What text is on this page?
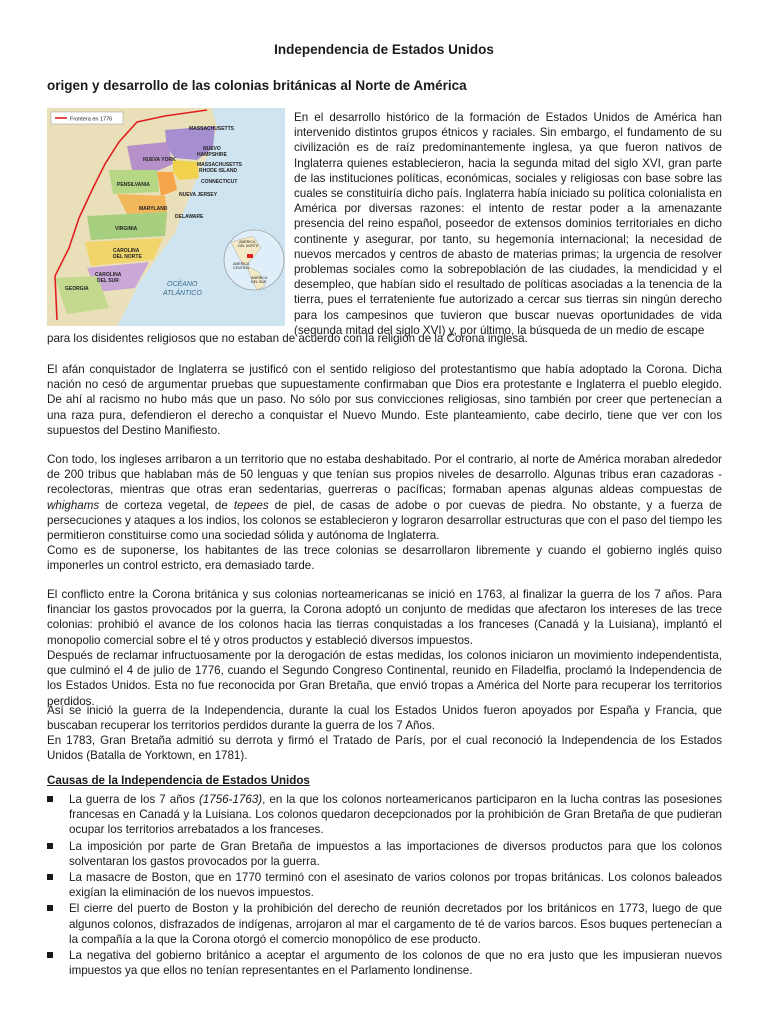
Independencia de Estados Unidos
origen y desarrollo de las colonias británicas al Norte de América
Frontera en 1776
MASSACHUSETTS
NUEVO
HAMPSHIRE
MASSACHUSETTS
RHODE ISLAND
NUEVA YORK
CONNECTICUT
NUEVA JERSEY
PENSILVANIA
DELAWARE
MARYLAND
VIRGINIA
CAROLINA
DEL NORTE
CAROLINA
DEL SUR
GEORGIA
OCÉANO
ATLÁNTICO
AMÉRICA
DEL NORTE
AMÉRICA
CENTRAL
AMÉRICA
DEL SUR

En el desarrollo histórico de la formación de Estados Unidos de América han intervenido distintos grupos étnicos y raciales. Sin embargo, el fundamento de su civilización es de raíz predominantemente inglesa, ya que fueron nativos de Inglaterra quienes establecieron, hacia la segunda mitad del siglo XVI, gran parte de las instituciones políticas, económicas, sociales y religiosas con base sobre las cuales se constituiría dicho país. Inglaterra había iniciado su política colonialista en América por diversas razones: el intento de restar poder a la amenazante presencia del reino español, poseedor de extensos dominios territoriales en dicho continente y asegurar, por tanto, su hegemonía internacional; la necesidad de nuevos mercados y centros de abasto de materias primas; la urgencia de resolver problemas sociales como la sobrepoblación de las ciudades, la mendicidad y el desempleo, que habían sido el resultado de políticas asociadas a la tenencia de la tierra, pues el terrateniente fue autorizado a cercar sus tierras sin ningún derecho para los campesinos que tuvieron que buscar nuevas oportunidades de vida (segunda mitad del siglo XVI) y, por último, la búsqueda de un medio de escape

para los disidentes religiosos que no estaban de acuerdo con la religión de la Corona inglesa.

El afán conquistador de Inglaterra se justificó con el sentido religioso del protestantismo que había adoptado la Corona. Dicha nación no cesó de argumentar pruebas que supuestamente confirmaban que Dios era protestante e Inglaterra el pueblo elegido. De ahí al racismo no hubo más que un paso. No sólo por sus convicciones religiosas, sino también por creer que pertenecían a una raza pura, defendieron el derecho a conquistar el Nuevo Mundo. Este planteamiento, cabe decirlo, tiene que ver con los supuestos del Destino Manifiesto.

Con todo, los ingleses arribaron a un territorio que no estaba deshabitado. Por el contrario, al norte de América moraban alrededor de 200 tribus que hablaban más de 50 lenguas y que tenían sus propios niveles de desarrollo. Algunas tribus eran cazadoras - recolectoras, mientras que otras eran sedentarias, guerreras o pacíficas; formaban apenas algunas aldeas compuestas de whighams de corteza vegetal, de tepees de piel, de casas de adobe o por cuevas de piedra. No obstante, y a fuerza de persecuciones y ataques a los indios, los colonos se establecieron y lograron desarrollar estructuras que con el paso del tiempo les permitieron constituirse como una sociedad sólida y autónoma de Inglaterra.

Como es de suponerse, los habitantes de las trece colonias se desarrollaron libremente y cuando el gobierno inglés quiso imponerles un control estricto, era demasiado tarde.

El conflicto entre la Corona británica y sus colonias norteamericanas se inició en 1763, al finalizar la guerra de los 7 años. Para financiar los gastos provocados por la guerra, la Corona adoptó un conjunto de medidas que afectaron los intereses de las trece colonias: prohibió el avance de los colonos hacia las tierras conquistadas a los franceses (Canadá y la Luisiana), implantó el monopolio comercial sobre el té y otros productos y estableció diversos impuestos.

Después de reclamar infructuosamente por la derogación de estas medidas, los colonos iniciaron un movimiento independentista, que culminó el 4 de julio de 1776, cuando el Segundo Congreso Continental, reunido en Filadelfia, proclamó la Independencia de los Estados Unidos. Esta no fue reconocida por Gran Bretaña, que envió tropas a América del Norte para recuperar los territorios perdidos.

Así se inició la guerra de la Independencia, durante la cual los Estados Unidos fueron apoyados por España y Francia, que buscaban recuperar los territorios perdidos durante la guerra de los 7 Años.

En 1783, Gran Bretaña admitió su derrota y firmó el Tratado de París, por el cual reconoció la Independencia de los Estados Unidos (Batalla de Yorktown, en 1781).

Causas de la Independencia de Estados Unidos
La guerra de los 7 años (1756-1763), en la que los colonos norteamericanos participaron en la lucha contras las posesiones francesas en Canadá y la Luisiana. Los colonos quedaron decepcionados por la prohibición de Gran Bretaña de que pudieran ocupar los territorios arrebatados a los franceses.
La imposición por parte de Gran Bretaña de impuestos a las importaciones de diversos productos para que los colonos solventaran los gastos provocados por la guerra.
La masacre de Boston, que en 1770 terminó con el asesinato de varios colonos por tropas británicas. Los colonos baleados exigían la eliminación de los nuevos impuestos.
El cierre del puerto de Boston y la prohibición del derecho de reunión decretados por los británicos en 1773, luego de que algunos colonos, disfrazados de indígenas, arrojaron al mar el cargamento de té de varios barcos. Esos buques pertenecían a la compañía a la que la Corona otorgó el comercio monopólico de ese producto.
La negativa del gobierno británico a aceptar el argumento de los colonos de que no era justo que les impusieran nuevos impuestos ya que ellos no tenían representantes en el Parlamento londinense.
